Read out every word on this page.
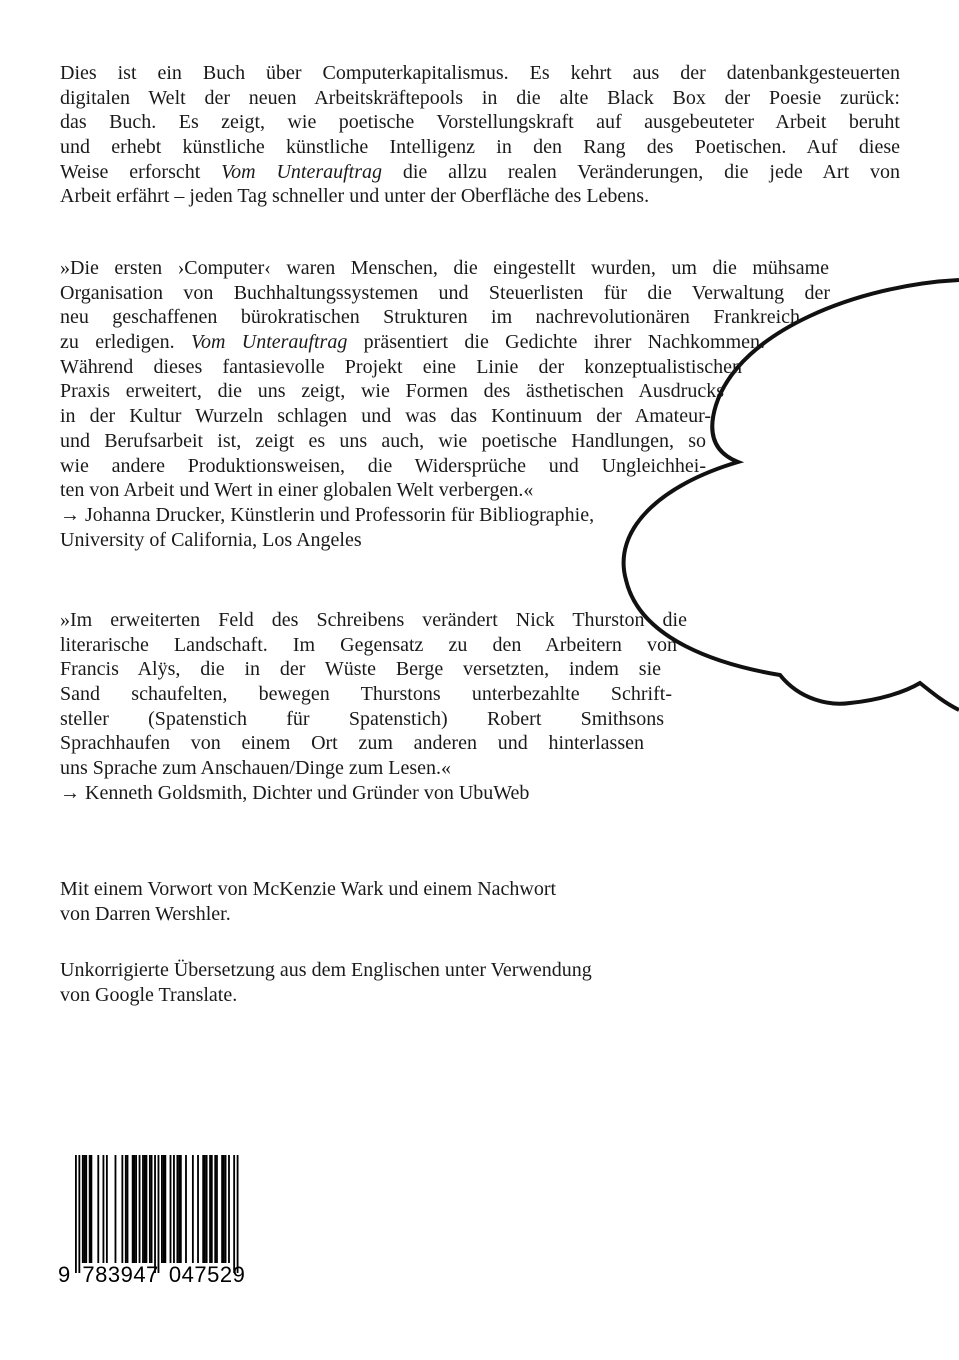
Dies ist ein Buch über Computerkapitalismus. Es kehrt aus der datenbankgesteuerten
digitalen Welt der neuen Arbeitskräftepools in die alte Black Box der Poesie zurück:
das Buch. Es zeigt, wie poetische Vorstellungskraft auf ausgebeuteter Arbeit beruht
und erhebt künstliche künstliche Intelligenz in den Rang des Poetischen. Auf diese
Weise erforscht Vom Unterauftrag die allzu realen Veränderungen, die jede Art von
Arbeit erfährt – jeden Tag schneller und unter der Oberfläche des Lebens.
»Die ersten ›Computer‹ waren Menschen, die eingestellt wurden, um die mühsame
Organisation von Buchhaltungssystemen und Steuerlisten für die Verwaltung der
neu geschaffenen bürokratischen Strukturen im nachrevolutionären Frankreich
zu erledigen. Vom Unterauftrag präsentiert die Gedichte ihrer Nachkommen.
Während dieses fantasievolle Projekt eine Linie der konzeptualistischen
Praxis erweitert, die uns zeigt, wie Formen des ästhetischen Ausdrucks
in der Kultur Wurzeln schlagen und was das Kontinuum der Amateur-
und Berufsarbeit ist, zeigt es uns auch, wie poetische Handlungen, so
wie andere Produktionsweisen, die Widersprüche und Ungleichhei-
ten von Arbeit und Wert in einer globalen Welt verbergen.«
→ Johanna Drucker, Künstlerin und Professorin für Bibliographie,
University of California, Los Angeles
»Im erweiterten Feld des Schreibens verändert Nick Thurston die
literarische Landschaft. Im Gegensatz zu den Arbeitern von
Francis Alÿs, die in der Wüste Berge versetzten, indem sie
Sand schaufelten, bewegen Thurstons unterbezahlte Schrift-
steller (Spatenstich für Spatenstich) Robert Smithsons
Sprachhaufen von einem Ort zum anderen und hinterlassen
uns Sprache zum Anschauen/Dinge zum Lesen.«
→ Kenneth Goldsmith, Dichter und Gründer von UbuWeb
Mit einem Vorwort von McKenzie Wark und einem Nachwort
von Darren Wershler.
Unkorrigierte Übersetzung aus dem Englischen unter Verwendung
von Google Translate.
9 783947 047529
